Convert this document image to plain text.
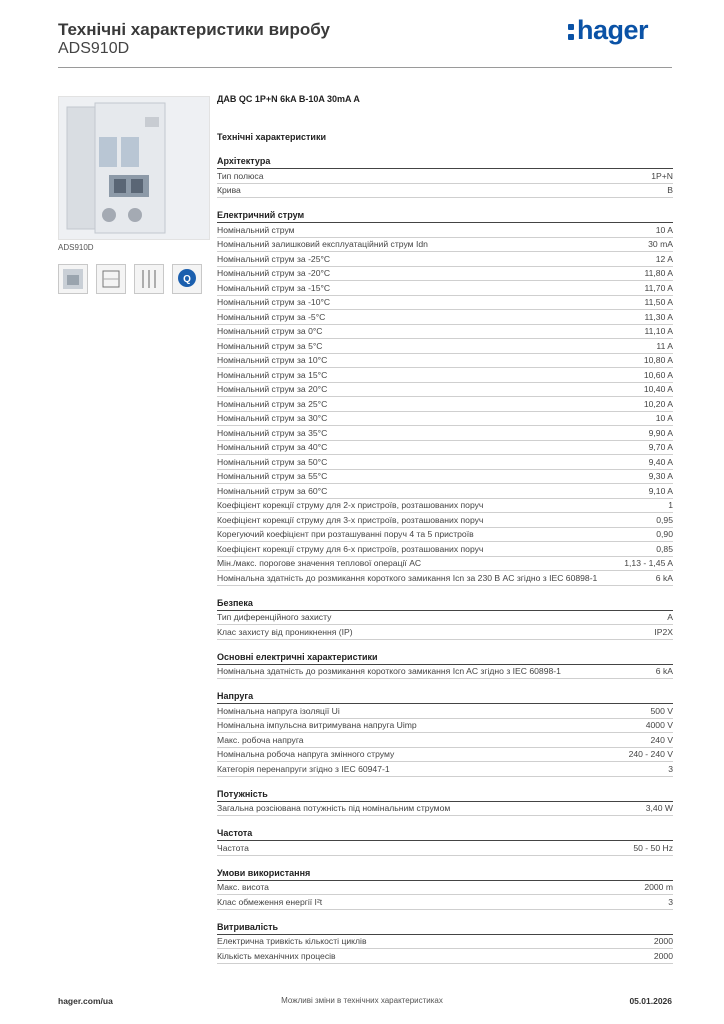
Технічні характеристики виробу
ADS910D
hager
ADS910D
Q
ДАВ QC 1P+N 6kA B-10A 30mA A
Технічні характеристики
Архітектура
Тип полюса	1P+N
Крива	B
Електричний струм
Номінальний струм	10 A
Номінальний залишковий експлуатаційний струм Idn	30 mA
Номінальний струм за -25°C	12 A
Номінальний струм за -20°C	11,80 A
Номінальний струм за -15°C	11,70 A
Номінальний струм за -10°C	11,50 A
Номінальний струм за -5°C	11,30 A
Номінальний струм за 0°C	11,10 A
Номінальний струм за 5°C	11 A
Номінальний струм за 10°C	10,80 A
Номінальний струм за 15°C	10,60 A
Номінальний струм за 20°C	10,40 A
Номінальний струм за 25°C	10,20 A
Номінальний струм за 30°C	10 A
Номінальний струм за 35°C	9,90 A
Номінальний струм за 40°C	9,70 A
Номінальний струм за 50°C	9,40 A
Номінальний струм за 55°C	9,30 A
Номінальний струм за 60°C	9,10 A
Коефіцієнт корекції струму для 2-х пристроїв, розташованих поруч	1
Коефіцієнт корекції струму для 3-х пристроїв, розташованих поруч	0,95
Корегуючий коефіцієнт при розташуванні поруч 4 та 5 пристроїв	0,90
Коефіцієнт корекції струму для 6-х пристроїв, розташованих поруч	0,85
Мін./макс. порогове значення теплової операції AC	1,13 - 1,45 A
Номінальна здатність до розмикання короткого замикання Icn за 230 В AC згідно з IEC 60898-1	6 kA
Безпека
Тип диференційного захисту	A
Клас захисту від проникнення (IP)	IP2X
Основні електричні характеристики
Номінальна здатність до розмикання короткого замикання Icn AC згідно з IEC 60898-1	6 kA
Напруга
Номінальна напруга ізоляції Ui	500 V
Номінальна імпульсна витримувана напруга Uimp	4000 V
Макс. робоча напруга	240 V
Номінальна робоча напруга змінного струму	240 - 240 V
Категорія перенапруги згідно з IEC 60947-1	3
Потужність
Загальна розсіювана потужність під номінальним струмом	3,40 W
Частота
Частота	50 - 50 Hz
Умови використання
Макс. висота	2000 m
Клас обмеження енергії I²t	3
Витривалість
Електрична тривкість кількості циклів	2000
Кількість механічних процесів	2000
hager.com/ua	Можливі зміни в технічних характеристиках	05.01.2026
